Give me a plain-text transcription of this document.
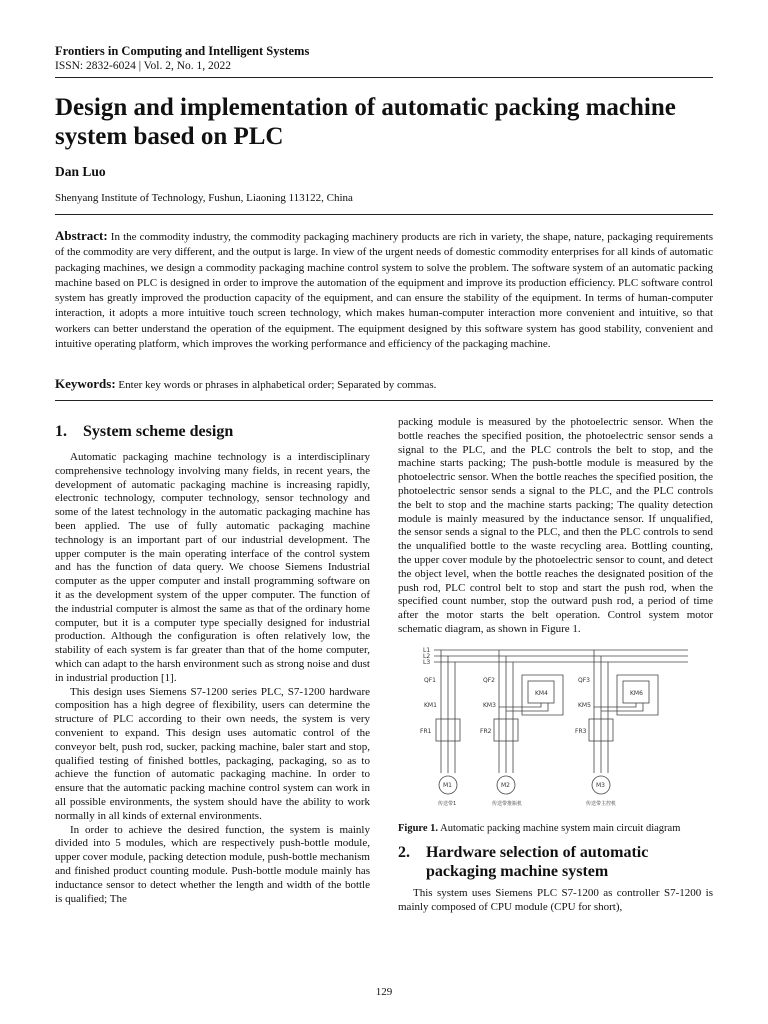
Frontiers in Computing and Intelligent Systems
ISSN: 2832-6024 | Vol. 2, No. 1, 2022
Design and implementation of automatic packing machine system based on PLC
Dan Luo
Shenyang Institute of Technology, Fushun, Liaoning 113122, China

Abstract: In the commodity industry, the commodity packaging machinery products are rich in variety, the shape, nature, packaging requirements of the commodity are very different, and the output is large. In view of the urgent needs of domestic commodity enterprises for all kinds of automatic packaging machines, we design a commodity packaging machine control system to solve the problem. The software system of an automatic packing machine based on PLC is designed in order to improve the automation of the equipment and improve its production efficiency. PLC software control system has greatly improved the production capacity of the equipment, and can ensure the stability of the equipment. In terms of human-computer interaction, it adopts a more intuitive touch screen technology, which makes human-computer interaction more convenient and intuitive, so that workers can better understand the operation of the equipment. The equipment designed by this software system has good stability, convenient and intuitive operating platform, which improves the working performance and efficiency of the packaging machine.

Keywords: Enter key words or phrases in alphabetical order; Separated by commas.
1. System scheme design

Automatic packaging machine technology is a interdisciplinary comprehensive technology involving many fields, in recent years, the development of automatic packaging machine is increasing rapidly, electronic technology, computer technology, sensor technology and some of the latest technology in the automatic packaging machine has been applied. The use of fully automatic packaging machine technology is an important part of our industrial development. The upper computer is the main operating interface of the control system and has the function of data query. We choose Siemens Industrial computer as the upper computer and install programming software on it as the development system of the upper computer. The function of the industrial computer is almost the same as that of the ordinary home computer, but it is a computer type specially designed for industrial production. Although the configuration is often relatively low, the stability of each system is far greater than that of the home computer, which can adapt to the harsh environment such as strong noise and dust in industrial production [1].

This design uses Siemens S7-1200 series PLC, S7-1200 hardware composition has a high degree of flexibility, users can determine the structure of PLC according to their own needs, the system is very convenient to expand. This design uses automatic control of the conveyor belt, push rod, sucker, packing machine, baler start and stop, qualified testing of finished bottles, packaging, packaging, so as to achieve the function of automatic packaging machine. In order to ensure that the automatic packing machine control system can work in all possible environments, the system should have the ability to work normally in all kinds of external environments.

In order to achieve the desired function, the system is mainly divided into 5 modules, which are respectively push-bottle module, upper cover module, packing detection module, push-bottle mechanism and finished product counting module. Push-bottle module mainly has inductance sensor to detect whether the length and width of the bottle is qualified; The

packing module is measured by the photoelectric sensor. When the bottle reaches the specified position, the photoelectric sensor sends a signal to the PLC, and the PLC controls the belt to stop, and the machine starts packing; The push-bottle module is measured by the photoelectric sensor. When the bottle reaches the specified position, the photoelectric sensor sends a signal to the PLC, and the PLC controls the belt to stop and the machine starts packing; The quality detection module is mainly measured by the inductance sensor. If unqualified, the sensor sends a signal to the PLC, and then the PLC controls to send the unqualified bottle to the waste recycling area. Bottling counting, the upper cover module by the photoelectric sensor to count, and detect the object level, when the bottle reaches the designated position of the push rod, PLC control belt to stop and start the push rod, when the specified count number, stop the outward push rod, a period of time after the motor starts the belt operation. Control system motor schematic diagram, as shown in Figure 1.

L1
L2
L3
QF1	QF2	QF3
KM1	KM3
KM4
KM5
KM6
FR1	FR2	FR3
M1	M2	M3
传送带1	传送带推瓶机	传送带主控机
Figure 1. Automatic packing machine system main circuit diagram
2. Hardware selection of automatic
packaging machine system

This system uses Siemens PLC S7-1200 as controller S7-1200 is mainly composed of CPU module (CPU for short),

129
